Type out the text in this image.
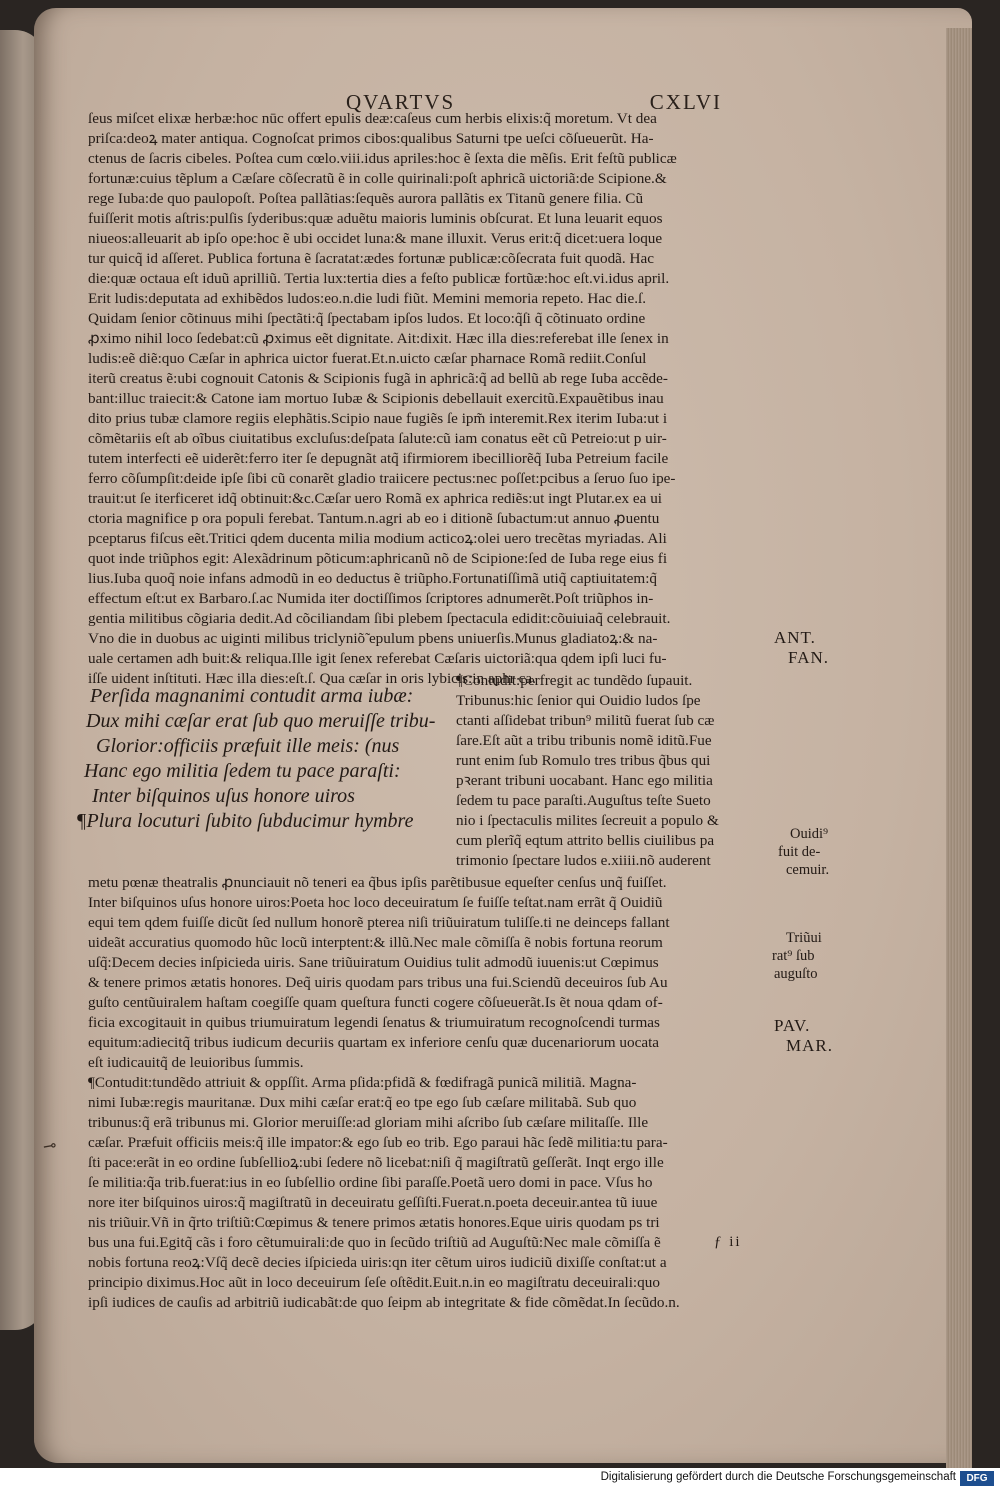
QVARTVS	CXLVI
ſeus miſcet elixæ herbæ:hoc nūc offert epulis deæ:caſeus cum herbis elixis:q̃ moretum. Vt dea
priſca:deoꝝ mater antiqua. Cognoſcat primos cibos:qualibus Saturni tpe ueſci cõſueuerũt. Ha-
ctenus de ſacris cibeles. Poſtea cum cœlo.viii.idus apriles:hoc ẽ ſexta die mẽſis. Erit feſtũ publicæ
fortunæ:cuius tẽplum a Cæſare cõſecratũ ẽ in colle quirinali:poſt aphricã uictoriã:de Scipione.&
rege Iuba:de quo paulopoſt. Poſtea pallãtias:ſequẽs aurora pallãtis ex Titanũ genere filia. Cũ
fuiſſerit motis aſtris:pulſis ſyderibus:quæ aduẽtu maioris luminis obſcurat. Et luna leuarit equos
niueos:alleuarit ab ipſo ope:hoc ẽ ubi occidet luna:& mane illuxit. Verus erit:q̃ dicet:uera loque
tur quicq̃ id aſſeret. Publica fortuna ẽ ſacratat:ædes fortunæ publicæ:cõſecrata fuit quodã. Hac
die:quæ octaua eſt iduũ aprilliũ. Tertia lux:tertia dies a feſto publicæ fortũæ:hoc eſt.vi.idus april.
Erit ludis:deputata ad exhibẽdos ludos:eo.n.die ludi fiũt. Memini memoria repeto. Hac die.ſ.
Quidam ſenior cõtinuus mihi ſpectãti:q̃ ſpectabam ipſos ludos. Et loco:q̃ſi q̃ cõtinuato ordine
ꝓximo nihil loco ſedebat:cũ ꝓximus eẽt dignitate. Ait:dixit. Hæc illa dies:referebat ille ſenex in
ludis:eẽ diẽ:quo Cæſar in aphrica uictor fuerat.Et.n.uicto cæſar pharnace Romã rediit.Conſul
iterũ creatus ẽ:ubi cognouit Catonis & Scipionis fugã in aphricã:q̃ ad bellũ ab rege Iuba accẽde-
bant:illuc traiecit:& Catone iam mortuo Iubæ & Scipionis debellauit exercitũ.Expauẽtibus inau
dito prius tubæ clamore regiis elephãtis.Scipio naue fugiẽs ſe ipm̃ interemit.Rex iterim Iuba:ut i
cõmẽtariis eſt ab oĩbus ciuitatibus excluſus:deſpata ſalute:cũ iam conatus eẽt cũ Petreio:ut p uir-
tutem interfecti eẽ uiderẽt:ferro iter ſe depugnãt atq̃ ifirmiorem ibecilliorẽq̃ Iuba Petreium facile
ferro cõſumpſit:deide ipſe ſibi cũ conarẽt gladio traiicere pectus:nec poſſet:pcibus a ſeruo ſuo ipe-
trauit:ut ſe iterficeret idq̃ obtinuit:&c.Cæſar uero Romã ex aphrica rediẽs:ut ingt Plutar.ex ea ui
ctoria magnifice p ora populi ferebat. Tantum.n.agri ab eo i ditionẽ ſubactum:ut annuo ꝓuentu
pceptarus fiſcus eẽt.Tritici qdem ducenta milia modium acticoꝝ:olei uero trecẽtas myriadas. Ali
quot inde triũphos egit: Alexãdrinum põticum:aphricanũ nõ de Scipione:ſed de Iuba rege eius fi
lius.Iuba quoq̃ noie infans admodũ in eo deductus ẽ triũpho.Fortunatiſſimã utiq̃ captiuitatem:q̃
effectum eſt:ut ex Barbaro.ſ.ac Numida iter doctiſſimos ſcriptores adnumerẽt.Poſt triũphos in-
gentia militibus cõgiaria dedit.Ad cõciliandam ſibi plebem ſpectacula edidit:cõuiuiaq̃ celebrauit.
Vno die in duobus ac uiginti milibus triclyniõ̃ epulum pbens uniuerſis.Munus gladiatoꝝ:& na-
uale certamen adh buit:& reliqua.Ille igit ſenex referebat Cæſaris uictoriã:qua qdem ipſi luci fu-
iſſe uident inſtituti. Hæc illa dies:eſt.ſ. Qua cæſar in oris lybicis:in aphr ca.
Perſida magnanimi contudit arma iubæ:
Dux mihi cæſar erat ſub quo meruiſſe tribu-
Glorior:officiis præfuit ille meis: (nus
Hanc ego militia ſedem tu pace paraſti:
Inter biſquinos uſus honore uiros
¶Plura locuturi ſubito ſubducimur hymbre
¶Contudit:perfregit ac tundẽdo ſupauit.
Tribunus:hic ſenior qui Ouidio ludos ſpe
ctanti aſſidebat tribun⁹ militũ fuerat ſub cæ
ſare.Eſt aũt a tribu tribunis nomẽ iditũ.Fue
runt enim ſub Romulo tres tribus q̃bus qui
pꝛerant tribuni uocabant. Hanc ego militia
ſedem tu pace paraſti.Auguſtus teſte Sueto
nio i ſpectaculis milites ſecreuit a populo &
cum plerĩq̃ eqtum attrito bellis ciuilibus pa
trimonio ſpectare ludos e.xiiii.nõ auderent
metu pœnæ theatralis ꝓnunciauit nõ teneri ea q̃bus ipſis parẽtibusue equeſter cenſus unq̃ fuiſſet.
Inter biſquinos uſus honore uiros:Poeta hoc loco deceuiratum ſe fuiſſe teſtat.nam errãt q̃ Ouidiũ
equi tem qdem fuiſſe dicũt ſed nullum honorẽ pterea niſi triũuiratum tuliſſe.ti ne deinceps fallant
uideãt accuratius quomodo hũc locũ interptent:& illũ.Nec male cõmiſſa ẽ nobis fortuna reorum
uſq̃:Decem decies inſpicieda uiris. Sane triũuiratum Ouidius tulit admodũ iuuenis:ut Cœpimus
& tenere primos ætatis honores. Deq̃ uiris quodam pars tribus una fui.Sciendũ deceuiros ſub Au
guſto centũuiralem haſtam coegiſſe quam queſtura functi cogere cõſueuerãt.Is ẽt noua qdam of-
ficia excogitauit in quibus triumuiratum legendi ſenatus & triumuiratum recognoſcendi turmas
equitum:adiecitq̃ tribus iudicum decuriis quartam ex inferiore cenſu quæ ducenariorum uocata
eſt iudicauitq̃ de leuioribus ſummis.
¶Contudit:tundẽdo attriuit & oppſſit. Arma pſida:pfidã & fœdifragã punicã militiã. Magna-
nimi Iubæ:regis mauritanæ. Dux mihi cæſar erat:q̃ eo tpe ego ſub cæſare militabã. Sub quo
tribunus:q̃ erã tribunus mi. Glorior meruiſſe:ad gloriam mihi aſcribo ſub cæſare militaſſe. Ille
cæſar. Præfuit officiis meis:q̃ ille impator:& ego ſub eo trib. Ego paraui hãc ſedẽ militia:tu para-
ſti pace:erãt in eo ordine ſubſellioꝝ:ubi ſedere nõ licebat:niſi q̃ magiſtratũ geſſerãt. Inqt ergo ille
ſe militia:q̃a trib.fuerat:ius in eo ſubſellio ordine ſibi paraſſe.Poetã uero domi in pace. Vſus ho
nore iter biſquinos uiros:q̃ magiſtratũ in deceuiratu geſſiſti.Fuerat.n.poeta deceuir.antea tũ iuue
nis triũuir.Vñ in q̃rto triſtiũ:Cœpimus & tenere primos ætatis honores.Eque uiris quodam ps tri
bus una fui.Egitq̃ cãs i foro cẽtumuirali:de quo in ſecũdo triſtiũ ad Auguſtũ:Nec male cõmiſſa ẽ
nobis fortuna reoꝝ:Vſq̃ decẽ decies iſpicieda uiris:qn iter cẽtum uiros iudiciũ dixiſſe conſtat:ut a
principio diximus.Hoc aũt in loco deceuirum ſeſe oſtẽdit.Euit.n.in eo magiſtratu deceuirali:quo
ipſi iudices de cauſis ad arbitriũ iudicabãt:de quo ſeipm ab integritate & fide cõmẽdat.In ſecũdo.n.
ANT.
FAN.
Ouidi⁹
fuit de-
cemuir.
Triũui
rat⁹ ſub
auguſto
PAV.
MAR.
ƒ ii
⊸
Digitalisierung gefördert durch die Deutsche Forschungsgemeinschaft	DFG
